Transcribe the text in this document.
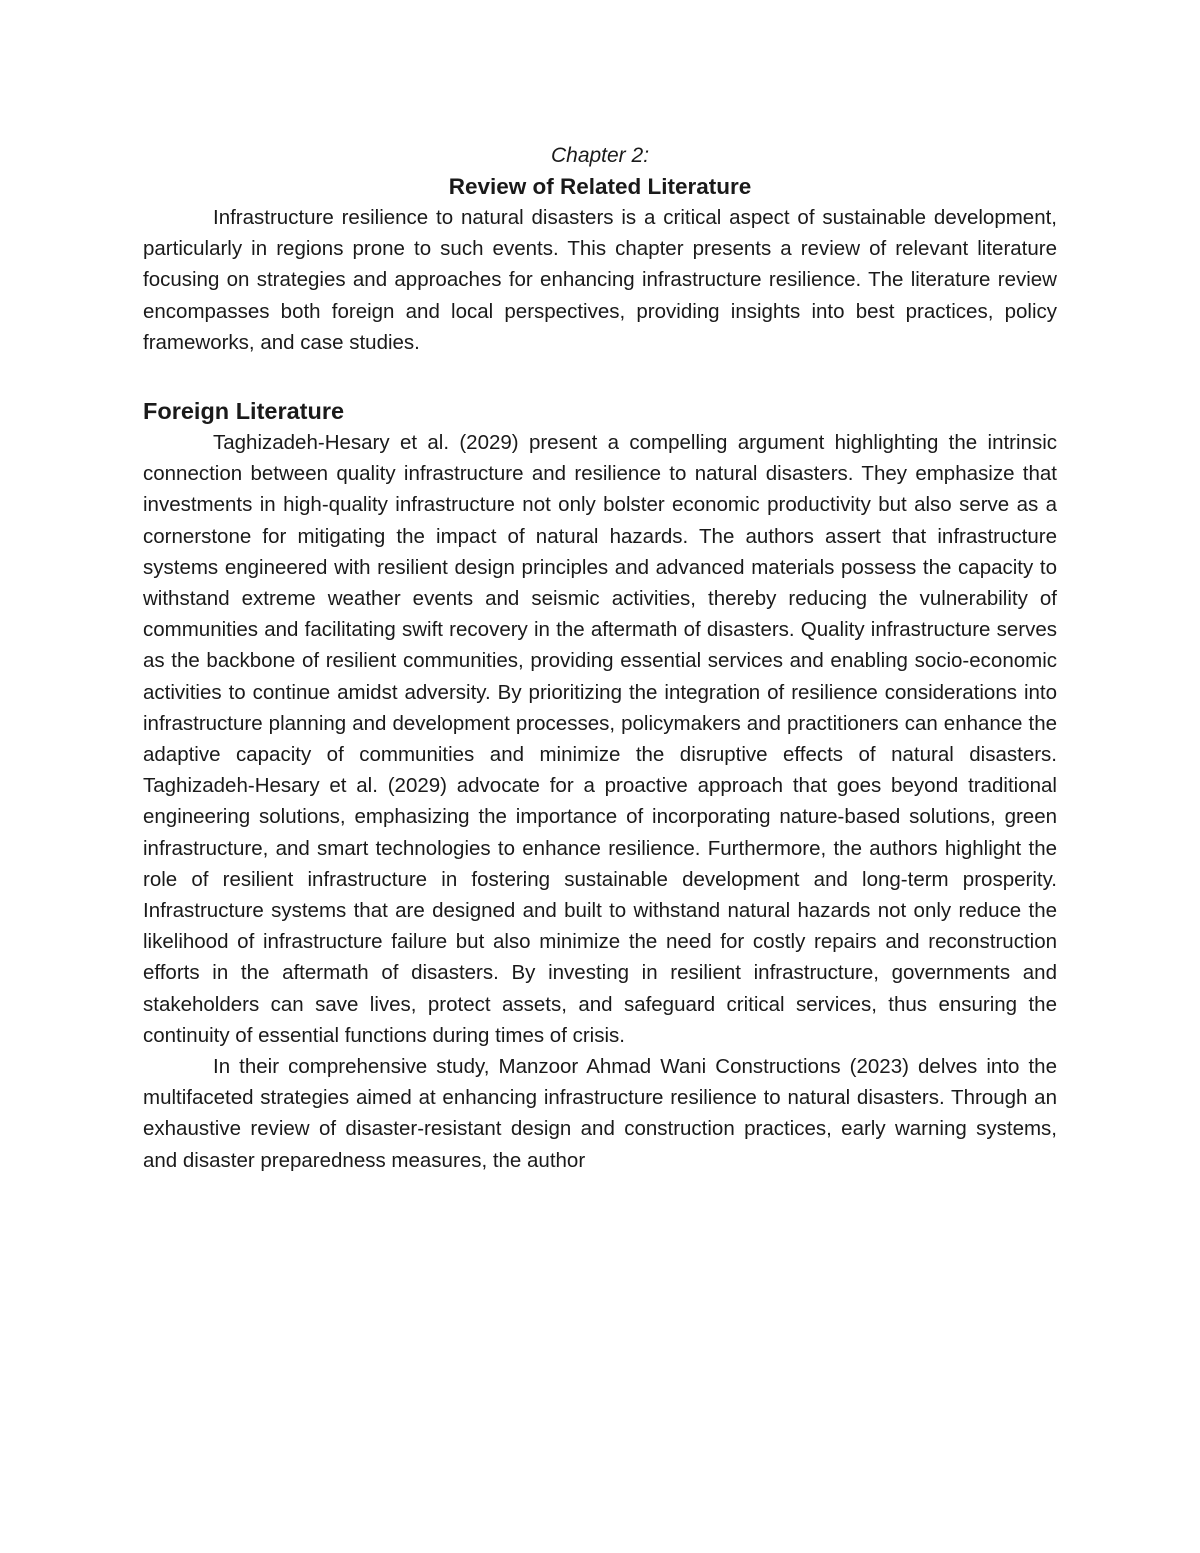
Chapter 2:

Review of Related Literature

Infrastructure resilience to natural disasters is a critical aspect of sustainable development, particularly in regions prone to such events. This chapter presents a review of relevant literature focusing on strategies and approaches for enhancing infrastructure resilience. The literature review encompasses both foreign and local perspectives, providing insights into best practices, policy frameworks, and case studies.

Foreign Literature

Taghizadeh-Hesary et al. (2029) present a compelling argument highlighting the intrinsic connection between quality infrastructure and resilience to natural disasters. They emphasize that investments in high-quality infrastructure not only bolster economic productivity but also serve as a cornerstone for mitigating the impact of natural hazards. The authors assert that infrastructure systems engineered with resilient design principles and advanced materials possess the capacity to withstand extreme weather events and seismic activities, thereby reducing the vulnerability of communities and facilitating swift recovery in the aftermath of disasters. Quality infrastructure serves as the backbone of resilient communities, providing essential services and enabling socio-economic activities to continue amidst adversity. By prioritizing the integration of resilience considerations into infrastructure planning and development processes, policymakers and practitioners can enhance the adaptive capacity of communities and minimize the disruptive effects of natural disasters. Taghizadeh-Hesary et al. (2029) advocate for a proactive approach that goes beyond traditional engineering solutions, emphasizing the importance of incorporating nature-based solutions, green infrastructure, and smart technologies to enhance resilience. Furthermore, the authors highlight the role of resilient infrastructure in fostering sustainable development and long-term prosperity. Infrastructure systems that are designed and built to withstand natural hazards not only reduce the likelihood of infrastructure failure but also minimize the need for costly repairs and reconstruction efforts in the aftermath of disasters. By investing in resilient infrastructure, governments and stakeholders can save lives, protect assets, and safeguard critical services, thus ensuring the continuity of essential functions during times of crisis.

In their comprehensive study, Manzoor Ahmad Wani Constructions (2023) delves into the multifaceted strategies aimed at enhancing infrastructure resilience to natural disasters. Through an exhaustive review of disaster-resistant design and construction practices, early warning systems, and disaster preparedness measures, the author
